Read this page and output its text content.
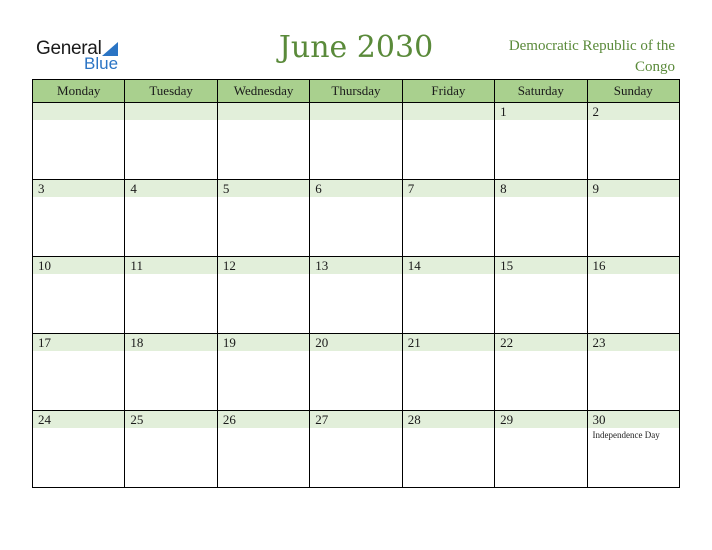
General
Blue	June 2030	Democratic Republic of the Congo
Monday	Tuesday	Wednesday	Thursday	Friday	Saturday	Sunday

					1	2

3	4	5	6	7	8	9

10	11	12	13	14	15	16

17	18	19	20	21	22	23

24	25	26	27	28	29	30
Independence Day
